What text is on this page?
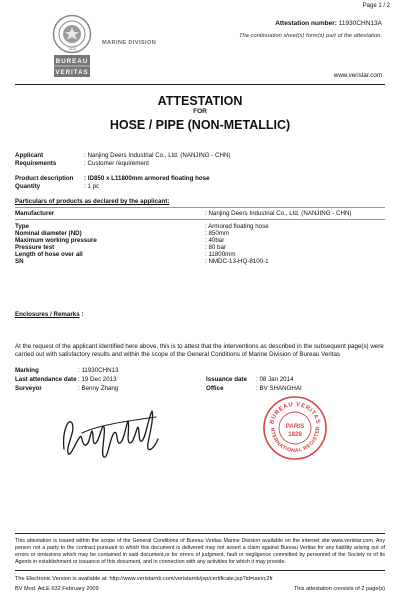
Page 1 / 2
1828
BUREAU
VERITAS
MARINE DIVISION
Attestation number: 11930CHN13A
The continuation sheet(s) form(s) part of the attestation.
www.veristar.com
ATTESTATION
FOR
HOSE / PIPE (NON-METALLIC)
Applicant	: Nanjing Deers Industrial Co., Ltd. (NANJING - CHN)
Requirements	: Customer requirement
Product description : ID850 x L11800mm armored floating hose
Quantity	: 1 pc
Particulars of products as declared by the applicant:
Manufacturer	: Nanjing Deers Industrial Co., Ltd. (NANJING - CHN)
Type	: Armored floating hose
Nominal diameter (ND)	: 850mm
Maximum working pressure	: 40bar
Pressure test	: 80 bar
Length of hose over all	: 11800mm
SN	: NMDC-13-HQ-8100-1
Enclosures / Remarks :
At the request of the applicant identified here above, this is to attest that the interventions as described in the subsequent page(s) were carried out with satisfactory results and within the scope of the General Conditions of Marine Division of Bureau Veritas
Marking	: 11930CHN13
Last attendance date : 19 Dec 2013
Surveyor	: Benny Zhang
Issuance date : 08 Jan 2014
Office	: BV SHANGHAI
BUREAU VERITAS
NTERNATIONAL REGISTER
PARIS
1828
This attestation is issued within the scope of the General Conditions of Bureau Veritas Marine Division available on the internet site www.veristar.com. Any person not a party to the contract pursuant to which this document is delivered may not assert a claim against Bureau Veritas for any liability arising out of errors or omissions which may be contained in said document,or for errors of judgment, fault or negligence committed by personnel of the Society or of its Agents in establishment or issuance of this document, and in connection with any activities for which it may provide.
The Electronic Version is available at: http://www.veristarnb.com/veristarnb/jsp/certificate.jsp?id=iaevc2fr
BV Mod. Ad.E 632 February 2009	This attestation consists of 2 page(s)
